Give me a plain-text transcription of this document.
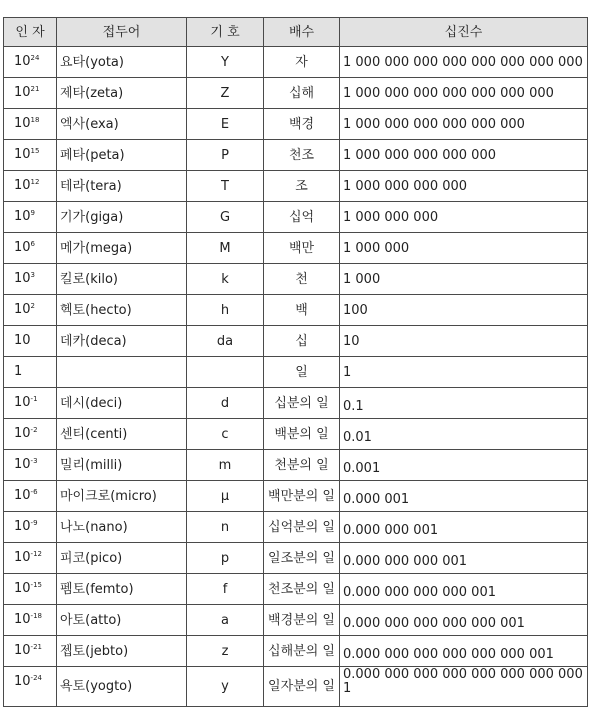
인 자	접두어	기 호	배수	십진수
$10^{24}$	요타(yota)	Y	자	1 000 000 000 000 000 000 000 000
$10^{21}$	제타(zeta)	Z	십해	1 000 000 000 000 000 000 000
$10^{18}$	엑사(exa)	E	백경	1 000 000 000 000 000 000
$10^{15}$	페타(peta)	P	천조	1 000 000 000 000 000
$10^{12}$	테라(tera)	T	조	1 000 000 000 000
$10^9$	기가(giga)	G	십억	1 000 000 000
$10^6$	메가(mega)	M	백만	1 000 000
$10^3$	킬로(kilo)	k	천	1 000
$10^2$	헥토(hecto)	h	백	100
10	데카(deca)	da	십	10
1			일	1
$10^{-1}$	데시(deci)	d	십분의 일	0.1
$10^{-2}$	센티(centi)	c	백분의 일	0.01
$10^{-3}$	밀리(milli)	m	천분의 일	0.001
$10^{-6}$	마이크로(micro)	μ	백만분의 일	0.000 001
$10^{-9}$	나노(nano)	n	십억분의 일	0.000 000 001
$10^{-12}$	피코(pico)	p	일조분의 일	0.000 000 000 001
$10^{-15}$	펨토(femto)	f	천조분의 일	0.000 000 000 000 001
$10^{-18}$	아토(atto)	a	백경분의 일	0.000 000 000 000 000 001
$10^{-21}$	젭토(jebto)	z	십해분의 일	0.000 000 000 000 000 000 001
$10^{-24}$	욕토(yogto)	y	일자분의 일	0.000 000 000 000 000 000 000 000 1
